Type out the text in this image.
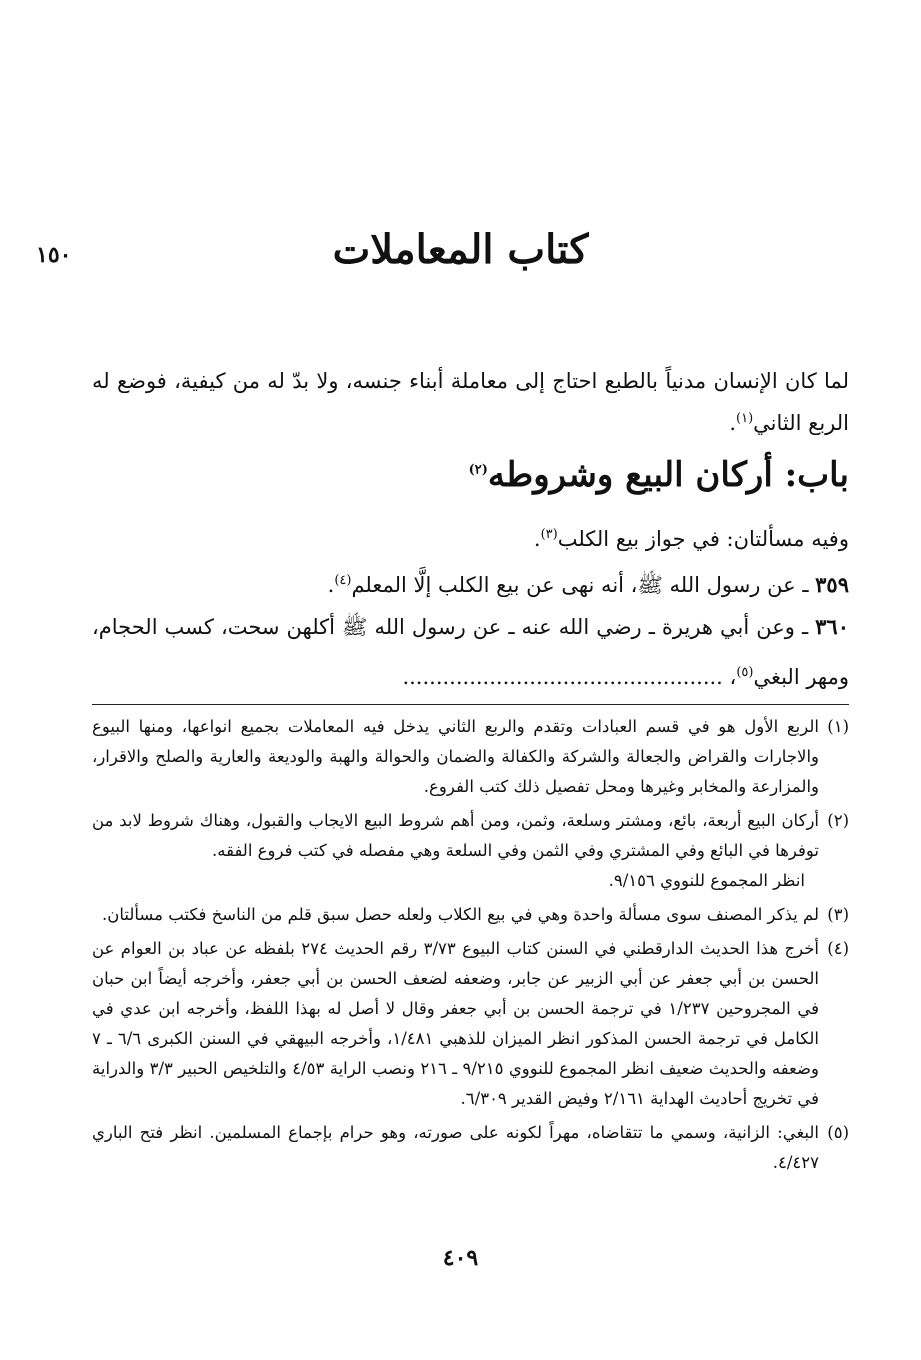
١٥٠	كتاب المعاملات
لما كان الإنسان مدنياً بالطبع احتاج إلى معاملة أبناء جنسه، ولا بدّ له من كيفية، فوضع له الربع الثاني$^{(١)}$.
باب: أركان البيع وشروطه$^{(٢)}$
وفيه مسألتان: في جواز بيع الكلب$^{(٣)}$.
٣٥٩ ـ عن رسول الله ﷺ، أنه نهى عن بيع الكلب إلَّا المعلم$^{(٤)}$.
٣٦٠ ـ وعن أبي هريرة ـ رضي الله عنه ـ عن رسول الله ﷺ أكلهن سحت، كسب الحجام، ومهر البغي$^{(٥)}$، ................................................
(١)
الربع الأول هو في قسم العبادات وتقدم والربع الثاني يدخل فيه المعاملات بجميع انواعها، ومنها البيوع والاجارات والقراض والجعالة والشركة والكفالة والضمان والحوالة والهبة والوديعة والعارية والصلح والاقرار، والمزارعة والمخابر وغيرها ومحل تفصيل ذلك كتب الفروع.
(٢)
أركان البيع أربعة، بائع، ومشتر وسلعة، وثمن، ومن أهم شروط البيع الايجاب والقبول، وهناك شروط لابد من توفرها في البائع وفي المشتري وفي الثمن وفي السلعة وهي مفصله في كتب فروع الفقه.
انظر المجموع للنووي ٩/١٥٦.
(٣)
لم يذكر المصنف سوى مسألة واحدة وهي في بيع الكلاب ولعله حصل سبق قلم من الناسخ فكتب مسألتان.
(٤)
أخرج هذا الحديث الدارقطني في السنن كتاب البيوع ٣/٧٣ رقم الحديث ٢٧٤ بلفظه عن عباد بن العوام عن الحسن بن أبي جعفر عن أبي الزبير عن جابر، وضعفه لضعف الحسن بن أبي جعفر، وأخرجه أيضاً ابن حبان في المجروحين ١/٢٣٧ في ترجمة الحسن بن أبي جعفر وقال لا أصل له بهذا اللفظ، وأخرجه ابن عدي في الكامل في ترجمة الحسن المذكور انظر الميزان للذهبي ١/٤٨١، وأخرجه البيهقي في السنن الكبرى ٦/٦ ـ ٧ وضعفه والحديث ضعيف انظر المجموع للنووي ٩/٢١٥ ـ ٢١٦ ونصب الراية ٤/٥٣ والتلخيص الحبير ٣/٣ والدراية في تخريج أحاديث الهداية ٢/١٦١ وفيض القدير ٦/٣٠٩.
(٥)
البغي: الزانية، وسمي ما تتقاضاه، مهراً لكونه على صورته، وهو حرام بإجماع المسلمين. انظر فتح الباري ٤/٤٢٧.
٤٠٩
